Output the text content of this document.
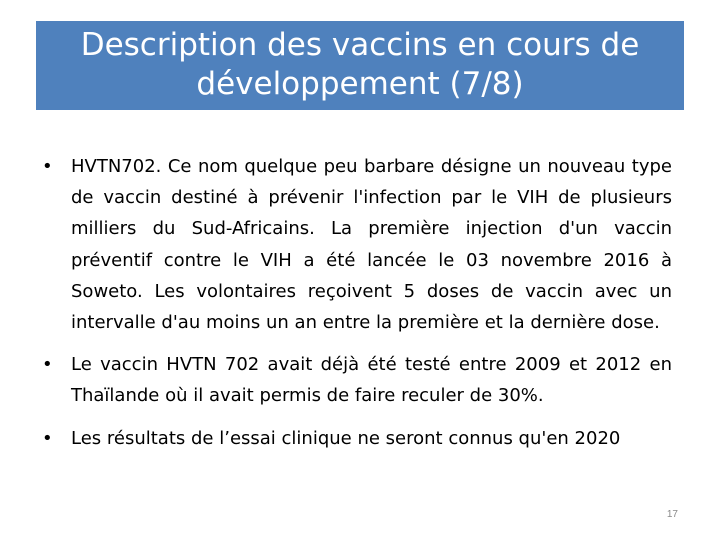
Description des vaccins en cours de
développement (7/8)
• HVTN702. Ce nom quelque peu barbare désigne un nouveau type de vaccin destiné à prévenir l'infection par le VIH de plusieurs milliers du Sud-Africains. La première injection d'un vaccin préventif contre le VIH a été lancée le 03 novembre 2016 à Soweto. Les volontaires reçoivent 5 doses de vaccin avec un intervalle d'au moins un an entre la première et la dernière dose.
• Le vaccin HVTN 702 avait déjà été testé entre 2009 et 2012 en Thaïlande où il avait permis de faire reculer de 30%.
• Les résultats de l’essai clinique ne seront connus qu'en 2020
17
